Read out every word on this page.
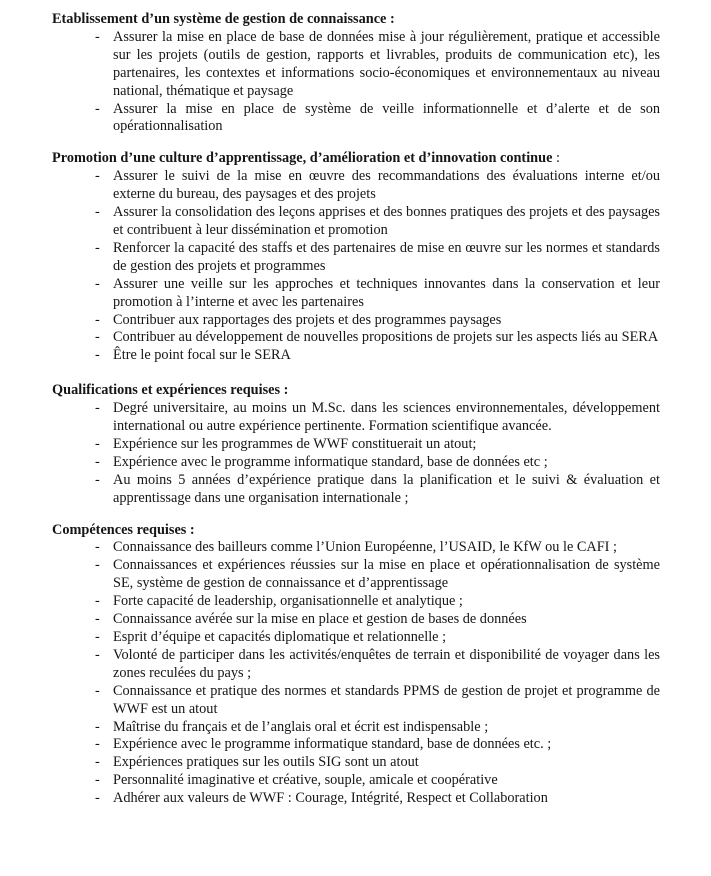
Etablissement d’un système de gestion de connaissance :
- Assurer la mise en place de base de données mise à jour régulièrement, pratique et accessible sur les projets (outils de gestion, rapports et livrables, produits de communication etc), les partenaires, les contextes et informations socio-économiques et environnementaux au niveau national, thématique et paysage
- Assurer la mise en place de système de veille informationnelle et d’alerte et de son opérationnalisation
Promotion d’une culture d’apprentissage, d’amélioration et d’innovation continue :
- Assurer le suivi de la mise en œuvre des recommandations des évaluations interne et/ou externe du bureau, des paysages et des projets
- Assurer la consolidation des leçons apprises et des bonnes pratiques des projets et des paysages et contribuent à leur dissémination et promotion
- Renforcer la capacité des staffs et des partenaires de mise en œuvre sur les normes et standards de gestion des projets et programmes
- Assurer une veille sur les approches et techniques innovantes dans la conservation et leur promotion à l’interne et avec les partenaires
- Contribuer aux rapportages des projets et des programmes paysages
- Contribuer au développement de nouvelles propositions de projets sur les aspects liés au SERA
- Être le point focal sur le SERA
Qualifications et expériences requises :
- Degré universitaire, au moins un M.Sc. dans les sciences environnementales, développement international ou autre expérience pertinente. Formation scientifique avancée.
- Expérience sur les programmes de WWF constituerait un atout;
- Expérience avec le programme informatique standard, base de données etc ;
- Au moins 5 années d’expérience pratique dans la planification et le suivi & évaluation et apprentissage dans une organisation internationale ;
Compétences requises :
- Connaissance des bailleurs comme l’Union Européenne, l’USAID, le KfW ou le CAFI ;
- Connaissances et expériences réussies sur la mise en place et opérationnalisation de système SE, système de gestion de connaissance et d’apprentissage
- Forte capacité de leadership, organisationnelle et analytique ;
- Connaissance avérée sur la mise en place et gestion de bases de données
- Esprit d’équipe et capacités diplomatique et relationnelle ;
- Volonté de participer dans les activités/enquêtes de terrain et disponibilité de voyager dans les zones reculées du pays ;
- Connaissance et pratique des normes et standards PPMS de gestion de projet et programme de WWF est un atout
- Maîtrise du français et de l’anglais oral et écrit est indispensable ;
- Expérience avec le programme informatique standard, base de données etc. ;
- Expériences pratiques sur les outils SIG sont un atout
- Personnalité imaginative et créative, souple, amicale et coopérative
- Adhérer aux valeurs de WWF : Courage, Intégrité, Respect et Collaboration
